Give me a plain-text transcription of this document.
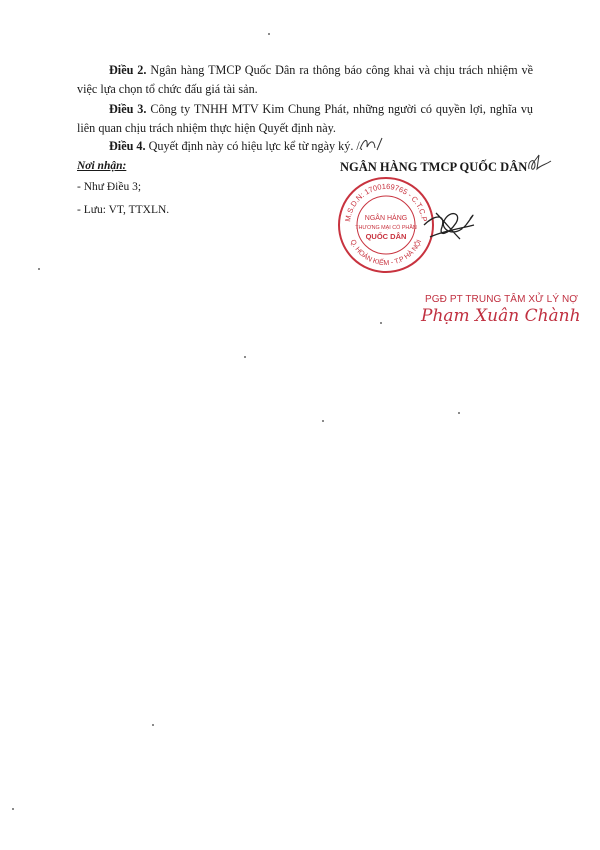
Điều 2. Ngân hàng TMCP Quốc Dân ra thông báo công khai và chịu trách nhiệm về việc lựa chọn tổ chức đấu giá tài sản.
Điều 3. Công ty TNHH MTV Kim Chung Phát, những người có quyền lợi, nghĩa vụ liên quan chịu trách nhiệm thực hiện Quyết định này.
Điều 4. Quyết định này có hiệu lực kể từ ngày ký. /.
Nơi nhận:
- Như Điều 3;
- Lưu: VT, TTXLN.
NGÂN HÀNG TMCP QUỐC DÂN
M.S.D.N: 1700169765 - C.T.C.P
Q. HOÀN KIẾM - T.P HÀ NỘI
NGÂN HÀNG
THƯƠNG MẠI CỔ PHẦN
QUỐC DÂN
PGĐ PT TRUNG TÂM XỬ LÝ NỢ
Phạm Xuân Chành
